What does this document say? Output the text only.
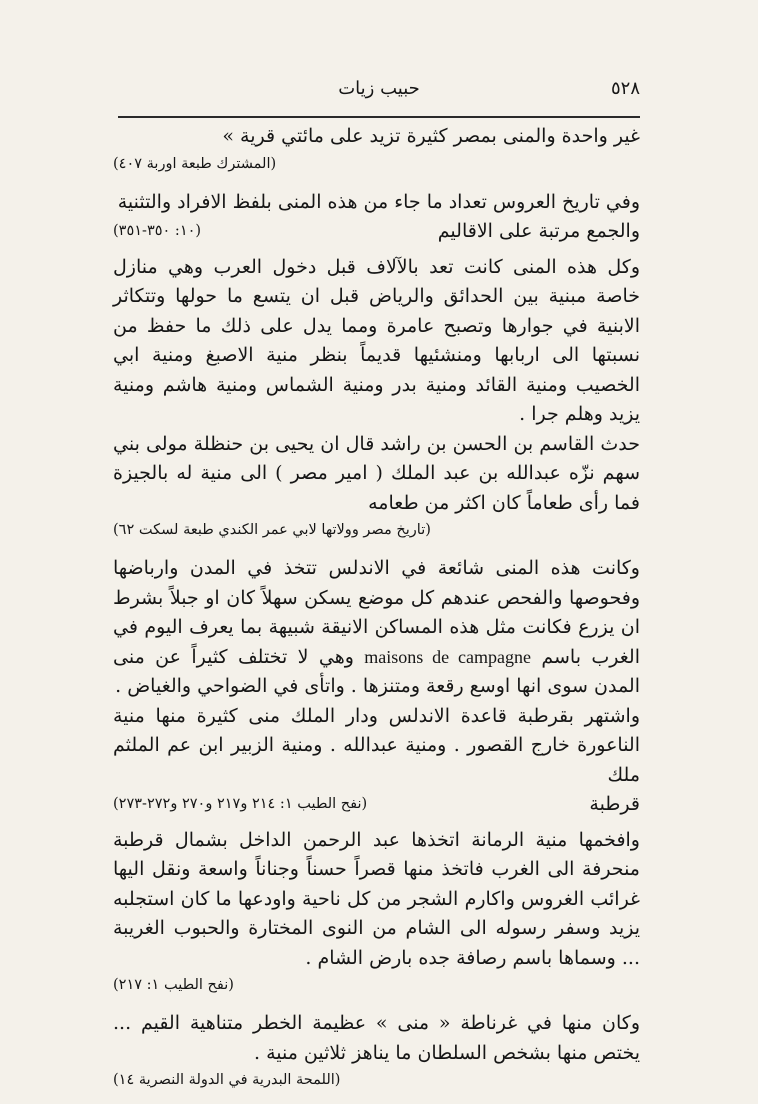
٥٢٨
حبيب زيات

غير واحدة والمنى بمصر كثيرة تزيد على مائتي قرية »

(المشترك طبعة اوربة ٤٠٧)

وفي تاريخ العروس تعداد ما جاء من هذه المنى بلفظ الافراد والتثنية

والجمع مرتبة على الاقاليم
(١٠: ٣٥٠-٣٥١)

وكل هذه المنى كانت تعد بالآلاف قبل دخول العرب وهي منازل خاصة مبنية بين الحدائق والرياض قبل ان يتسع ما حولها وتتكاثر الابنية في جوارها وتصبح عامرة ومما يدل على ذلك ما حفظ من نسبتها الى اربابها ومنشئيها قديماً بنظر منية الاصبغ ومنية ابي الخصيب ومنية القائد ومنية بدر ومنية الشماس ومنية هاشم ومنية يزيد وهلم جرا .

حدث القاسم بن الحسن بن راشد قال ان يحيى بن حنظلة مولى بني سهم نزّه عبدالله بن عبد الملك ( امير مصر ) الى منية له بالجيزة فما رأى طعاماً كان اكثر من طعامه

(تاريخ مصر وولاتها لابي عمر الكندي طبعة لسكت ٦٢)

وكانت هذه المنى شائعة في الاندلس تتخذ في المدن وارباضها وفحوصها والفحص عندهم كل موضع يسكن سهلاً كان او جبلاً بشرط ان يزرع فكانت مثل هذه المساكن الانيقة شبيهة بما يعرف اليوم في الغرب باسم maisons de campagne وهي لا تختلف كثيراً عن منى المدن سوى انها اوسع رقعة ومتنزها . واتأى في الضواحي والغياض .

واشتهر بقرطبة قاعدة الاندلس ودار الملك منى كثيرة منها منية الناعورة خارج القصور . ومنية عبدالله . ومنية الزبير ابن عم الملثم ملك

قرطبة
(نفح الطيب ١: ٢١٤ و٢١٧ و٢٧٠ و٢٧٢-٢٧٣)

وافخمها منية الرمانة اتخذها عبد الرحمن الداخل بشمال قرطبة منحرفة الى الغرب فاتخذ منها قصراً حسناً وجناناً واسعة ونقل اليها غرائب الغروس واكارم الشجر من كل ناحية واودعها ما كان استجلبه يزيد وسفر رسوله الى الشام من النوى المختارة والحبوب الغريبة ... وسماها باسم رصافة جده بارض الشام .

(نفح الطيب ١: ٢١٧)

وكان منها في غرناطة « منى » عظيمة الخطر متناهية القيم ... يختص منها بشخص السلطان ما يناهز ثلاثين منية .

(اللمحة البدرية في الدولة النصرية ١٤)
